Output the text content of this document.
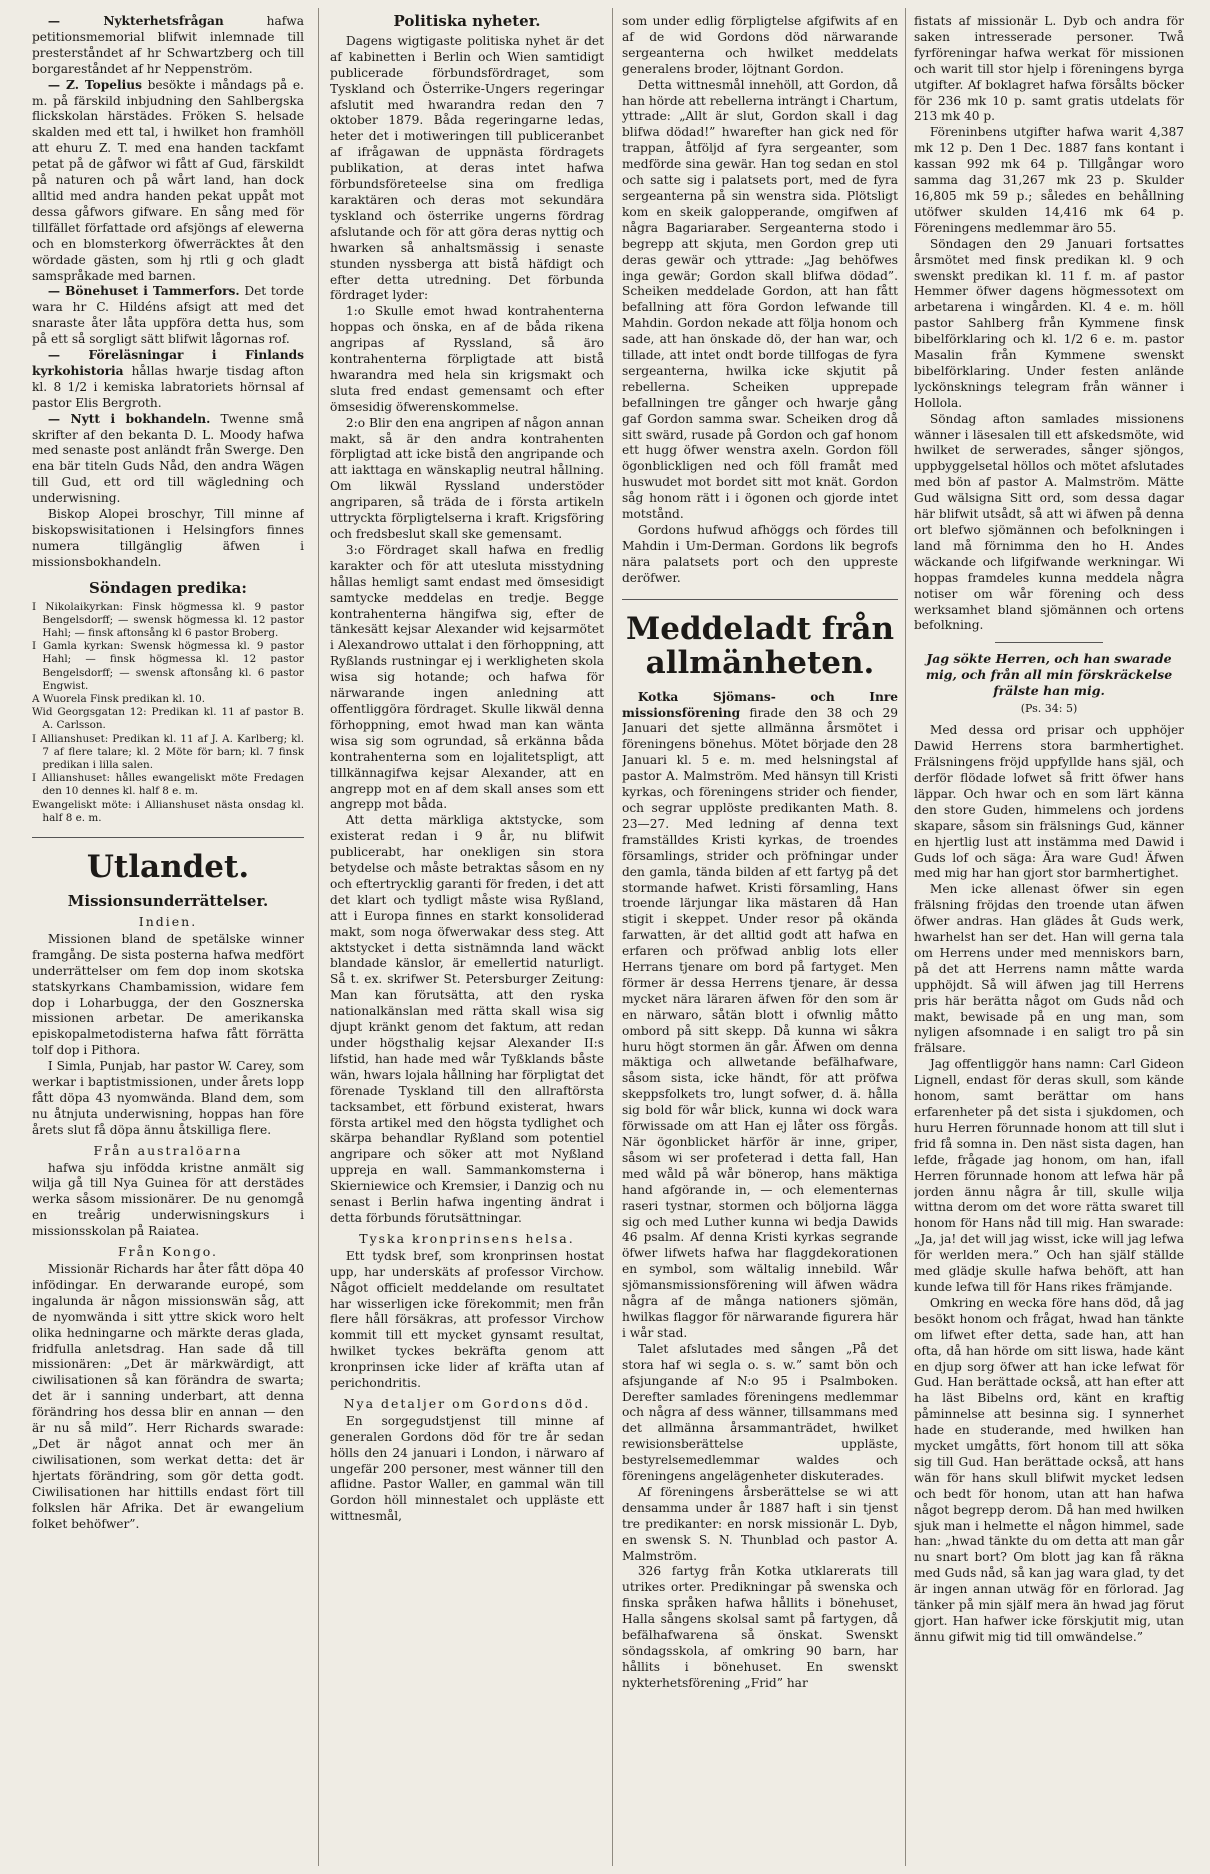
— Nykterhetsfrågan	hafwa petitionsmemorial blifwit inlemnade till presterståndet af hr Schwartzberg och till borgareståndet af hr Neppenström.

— Z. Topelius besökte i måndags på e. m. på färskild inbjudning den Sahlbergska flickskolan härstädes. Fröken S. helsade skalden med ett tal, i hwilket hon framhöll att ehuru Z. T. med ena handen tackfamt petat på de gåfwor wi fått af Gud, färskildt på naturen och på wårt land, han dock alltid med andra handen pekat uppåt mot dessa gåfwors gifware. En sång med för tillfället författade ord afsjöngs af elewerna och en blomsterkorg öfwerräcktes åt den wördade gästen, som hj rtli g och gladt samspråkade med barnen.

— Bönehuset i Tammerfors. Det torde wara hr C. Hildéns afsigt att med det snaraste åter låta uppföra detta hus, som på ett så sorgligt sätt blifwit lågornas rof.

— Föreläsningar i Finlands kyrkohistoria hållas hwarje tisdag afton kl. 8 1/2 i kemiska labratoriets hörnsal af pastor Elis Bergroth.

— Nytt i bokhandeln. Twenne små skrifter af den bekanta D. L. Moody hafwa med senaste post anländt från Swerge. Den ena bär titeln Guds Nåd, den andra Wägen till Gud, ett ord till wägledning och underwisning.

Biskop Alopei broschyr, Till minne af biskopswisitationen i Helsingfors finnes numera tillgänglig äfwen i missionsbokhandeln.

Söndagen predika:

I Nikolaikyrkan: Finsk högmessa kl. 9 pastor Bengelsdorff; — swensk högmessa kl. 12 pastor Hahl; — finsk aftonsång kl 6 pastor Broberg.

I Gamla kyrkan: Swensk högmessa kl. 9 pastor Hahl; — finsk högmessa kl. 12 pastor Bengelsdorff; — swensk aftonsång kl. 6 pastor Engwist.

A Wuorela Finsk predikan kl. 10.

Wid Georgsgatan 12: Predikan kl. 11 af pastor B. A. Carlsson.

I Allianshuset: Predikan kl. 11 af J. A. Karlberg; kl. 7 af flere talare; kl. 2 Möte för barn; kl. 7 finsk predikan i lilla salen.

I Allianshuset: hålles ewangeliskt möte Fredagen den 10 dennes kl. half 8 e. m.

Ewangeliskt möte: i Allianshuset nästa onsdag kl. half 8 e. m.

Utlandet.
Missionsunderrättelser.
Indien.

Missionen bland de spetälske winner framgång. De sista posterna hafwa medfört underrättelser om fem dop inom skotska statskyrkans Chambamission, widare fem dop i Loharbugga, der den Gosznerska missionen arbetar. De amerikanska episkopalmetodisterna hafwa fått förrätta tolf dop i Pithora.

I Simla, Punjab, har pastor W. Carey, som werkar i baptistmissionen, under årets lopp fått döpa 43 nyomwända. Bland dem, som nu åtnjuta underwisning, hoppas han före årets slut få döpa ännu åtskilliga flere.

Från australöarna

hafwa sju infödda kristne anmält sig wilja gå till Nya Guinea för att derstädes werka såsom missionärer. De nu genomgå en treårig underwisningskurs i missionsskolan på Raiatea.

Från Kongo.

Missionär Richards har åter fått döpa 40 infödingar. En derwarande europé, som ingalunda är någon missionswän såg, att de nyomwända i sitt yttre skick woro helt olika hedningarne och märkte deras glada, fridfulla anletsdrag. Han sade då till missionären: „Det är märkwärdigt, att ciwilisationen så kan förändra de swarta; det är i sanning underbart, att denna förändring hos dessa blir en annan — den är nu så mild”. Herr Richards swarade: „Det är något annat och mer än ciwilisationen, som werkat detta: det är hjertats förändring, som gör detta godt. Ciwilisationen har hittills endast fört till folkslen här Afrika. Det är ewangelium folket behöfwer”.

Politiska nyheter.

Dagens wigtigaste politiska nyhet är det af kabinetten i Berlin och Wien samtidigt publicerade förbundsfördraget, som Tyskland och Österrike-Ungers regeringar afslutit med hwarandra redan den 7 oktober 1879. Båda regeringarne ledas, heter det i motiweringen till publiceranbet af ifrågawan de uppnästa fördragets publikation, at deras intet hafwa förbundsföreteelse sina om fredliga karaktären och deras mot sekundära tyskland och österrike ungerns fördrag afslutande och för att göra deras nyttig och hwarken så anhaltsmässig i senaste stunden nyssberga att bistå häfdigt och efter detta utredning. Det förbunda fördraget lyder:

1:o Skulle emot hwad kontrahenterna hoppas och önska, en af de båda rikena angripas af Ryssland, så äro kontrahenterna förpligtade att bistå hwarandra med hela sin krigsmakt och sluta fred endast gemensamt och efter ömsesidig öfwerenskommelse.

2:o Blir den ena angripen af någon annan makt, så är den andra kontrahenten förpligtad att icke bistå den angripande och att iakttaga en wänskaplig neutral hållning. Om likwäl Ryssland understöder angriparen, så träda de i första artikeln uttryckta förpligtelserna i kraft. Krigsföring och fredsbeslut skall ske gemensamt.

3:o Fördraget skall hafwa en fredlig karakter och för att utesluta misstydning hållas hemligt samt endast med ömsesidigt samtycke meddelas en tredje. Begge kontrahenterna hängifwa sig, efter de tänkesätt kejsar Alexander wid kejsarmötet i Alexandrowo uttalat i den förhoppning, att Ryßlands rustningar ej i werkligheten skola wisa sig hotande; och hafwa för närwarande ingen anledning att offentliggöra fördraget. Skulle likwäl denna förhoppning, emot hwad man kan wänta wisa sig som ogrundad, så erkänna båda kontrahenterna som en lojalitetspligt, att tillkännagifwa kejsar Alexander, att en angrepp mot en af dem skall anses som ett angrepp mot båda.

Att detta märkliga aktstycke, som existerat redan i 9 år, nu blifwit publicerabt, har onekligen sin stora betydelse och måste betraktas såsom en ny och eftertrycklig garanti för freden, i det att det klart och tydligt måste wisa Ryßland, att i Europa finnes en starkt konsoliderad makt, som noga öfwerwakar dess steg. Att aktstycket i detta sistnämnda land wäckt blandade känslor, är emellertid naturligt. Så t. ex. skrifwer St. Petersburger Zeitung: Man kan förutsätta, att den ryska nationalkänslan med rätta skall wisa sig djupt kränkt genom det faktum, att redan under högsthalig kejsar Alexander II:s lifstid, han hade med wår Tyßklands båste wän, hwars lojala hållning har förpligtat det förenade Tyskland till den allraftörsta tacksambet, ett förbund existerat, hwars första artikel med den högsta tydlighet och skärpa behandlar Ryßland som potentiel angripare och söker att mot Nyßland uppreja en wall. Sammankomsterna i Skierniewice och Kremsier, i Danzig och nu senast i Berlin hafwa ingenting ändrat i detta förbunds förutsättningar.

Tyska kronprinsens helsa.

Ett tydsk bref, som kronprinsen hostat upp, har underskäts af professor Virchow. Något officielt meddelande om resultatet har wisserligen icke förekommit; men från flere håll försäkras, att professor Virchow kommit till ett mycket gynsamt resultat, hwilket tyckes bekräfta genom att kronprinsen icke lider af kräfta utan af perichondritis.

Nya detaljer om Gordons död.

En sorgegudstjenst till minne af generalen Gordons död för tre år sedan hölls den 24 januari i London, i närwaro af ungefär 200 personer, mest wänner till den aflidne. Pastor Waller, en gammal wän till Gordon höll minnestalet och uppläste ett wittnesmål,

som under edlig förpligtelse afgifwits af en af de wid Gordons död närwarande sergeanterna och hwilket meddelats generalens broder, löjtnant Gordon.

Detta wittnesmål innehöll, att Gordon, då han hörde att rebellerna inträngt i Chartum, yttrade: „Allt är slut, Gordon skall i dag blifwa dödad!” hwarefter han gick ned för trappan, åtföljd af fyra sergeanter, som medförde sina gewär. Han tog sedan en stol och satte sig i palatsets port, med de fyra sergeanterna på sin wenstra sida. Plötsligt kom en skeik galopperande, omgifwen af några Bagariaraber. Sergeanterna stodo i begrepp att skjuta, men Gordon grep uti deras gewär och yttrade: „Jag behöfwes inga gewär; Gordon skall blifwa dödad”. Scheiken meddelade Gordon, att han fått befallning att föra Gordon lefwande till Mahdin. Gordon nekade att följa honom och sade, att han önskade dö, der han war, och tillade, att intet ondt borde tillfogas de fyra sergeanterna, hwilka icke skjutit på rebellerna. Scheiken upprepade befallningen tre gånger och hwarje gång gaf Gordon samma swar. Scheiken drog då sitt swärd, rusade på Gordon och gaf honom ett hugg öfwer wenstra axeln. Gordon föll ögonblickligen ned och föll framåt med huswudet mot bordet sitt mot knät. Gordon såg honom rätt i i ögonen och gjorde intet motstånd.

Gordons hufwud afhöggs och fördes till Mahdin i Um-Derman. Gordons lik begrofs nära palatsets port och den uppreste deröfwer.

Meddeladt från allmänheten.

Kotka Sjömans- och Inre missionsförening firade den 38 och 29 Januari det sjette allmänna årsmötet i föreningens bönehus. Mötet började den 28 Januari kl. 5 e. m. med helsningstal af pastor A. Malmström. Med hänsyn till Kristi kyrkas, och föreningens strider och fiender, och segrar upplöste predikanten Math. 8. 23—27. Med ledning af denna text framställdes Kristi kyrkas, de troendes församlings, strider och pröfningar under den gamla, tända bilden af ett fartyg på det stormande hafwet. Kristi församling, Hans troende lärjungar lika mästaren då Han stigit i skeppet. Under resor på okända farwatten, är det alltid godt att hafwa en erfaren och pröfwad anblig lots eller Herrans tjenare om bord på fartyget. Men förmer är dessa Herrens tjenare, är dessa mycket nära läraren äfwen för den som är en närwaro, såtän blott i ofwnlig måtto ombord på sitt skepp. Då kunna wi såkra huru högt stormen än går. Äfwen om denna mäktiga och allwetande befälhafware, såsom sista, icke händt, för att pröfwa skeppsfolkets tro, lungt sofwer, d. ä. hålla sig bold för wår blick, kunna wi dock wara förwissade om att Han ej låter oss förgås. När ögonblicket härför är inne, griper, såsom wi ser profeterad i detta fall, Han med wåld på wår bönerop, hans mäktiga hand afgörande in, — och elementernas raseri tystnar, stormen och böljorna lägga sig och med Luther kunna wi bedja Dawids 46 psalm. Af denna Kristi kyrkas segrande öfwer lifwets hafwa har flaggdekorationen en symbol, som wältalig innebild. Wår sjömansmissionsförening will äfwen wädra några af de många nationers sjömän, hwilkas flaggor för närwarande figurera här i wår stad.

Talet afslutades med sången „På det stora haf wi segla o. s. w.” samt bön och afsjungande af N:o 95 i Psalmboken. Derefter samlades föreningens medlemmar och några af dess wänner, tillsammans med det allmänna årsammanträdet, hwilket rewisionsberättelse uppläste, bestyrelsemedlemmar waldes och föreningens angelägenheter diskuterades.

Af föreningens årsberättelse se wi att densamma under år 1887 haft i sin tjenst tre predikanter: en norsk missionär L. Dyb, en swensk S. N. Thunblad och pastor A. Malmström.

326 fartyg från Kotka utklarerats till utrikes orter. Predikningar på swenska och finska språken hafwa hållits i bönehuset, Halla sångens skolsal samt på fartygen, då befälhafwarena så önskat. Swenskt söndagsskola, af omkring 90 barn, har hållits i bönehuset. En swenskt nykterhetsförening „Frid” har

fistats af missionär L. Dyb och andra för saken intresserade personer. Twå fyrföreningar hafwa werkat för missionen och warit till stor hjelp i föreningens byrga utgifter. Af boklagret hafwa försålts böcker för 236 mk 10 p. samt gratis utdelats för 213 mk 40 p.

Föreninbens utgifter hafwa warit 4,387 mk 12 p. Den 1 Dec. 1887 fans kontant i kassan 992 mk 64 p. Tillgångar woro samma dag 31,267 mk 23 p. Skulder 16,805 mk 59 p.; således en behållning utöfwer skulden 14,416 mk 64 p. Föreningens medlemmar äro 55.

Söndagen den 29 Januari fortsattes årsmötet med finsk predikan kl. 9 och swenskt predikan kl. 11 f. m. af pastor Hemmer öfwer dagens högmessotext om arbetarena i wingården. Kl. 4 e. m. höll pastor Sahlberg från Kymmene finsk bibelförklaring och kl. 1/2 6 e. m. pastor Masalin från Kymmene swenskt bibelförklaring. Under festen anlände lyckönsknings telegram från wänner i Hollola.

Söndag afton samlades missionens wänner i läsesalen till ett afskedsmöte, wid hwilket de serwerades, sånger sjöngos, uppbyggelsetal höllos och mötet afslutades med bön af pastor A. Malmström. Mätte Gud wälsigna Sitt ord, som dessa dagar här blifwit utsådt, så att wi äfwen på denna ort blefwo sjömännen och befolkningen i land må förnimma den ho H. Andes wäckande och lifgifwande werkningar. Wi hoppas framdeles kunna meddela några notiser om wår förening och dess werksamhet bland sjömännen och ortens befolkning.

Jag sökte Herren, och han swarade mig, och från all min förskräckelse frälste han mig.
(Ps. 34: 5)

Med dessa ord prisar och upphöjer Dawid Herrens stora barmhertighet. Frälsningens fröjd uppfyllde hans själ, och derför flödade lofwet så fritt öfwer hans läppar. Och hwar och en som lärt känna den store Guden, himmelens och jordens skapare, såsom sin frälsnings Gud, känner en hjertlig lust att instämma med Dawid i Guds lof och säga: Ära ware Gud! Äfwen med mig har han gjort stor barmhertighet.

Men icke allenast öfwer sin egen frälsning fröjdas den troende utan äfwen öfwer andras. Han glädes åt Guds werk, hwarhelst han ser det. Han will gerna tala om Herrens under med menniskors barn, på det att Herrens namn måtte warda upphöjdt. Så will äfwen jag till Herrens pris här berätta något om Guds nåd och makt, bewisade på en ung man, som nyligen afsomnade i en saligt tro på sin frälsare.

Jag offentliggör hans namn: Carl Gideon Lignell, endast för deras skull, som kände honom, samt berättar om hans erfarenheter på det sista i sjukdomen, och huru Herren förunnade honom att till slut i frid få somna in. Den näst sista dagen, han lefde, frågade jag honom, om han, ifall Herren förunnade honom att lefwa här på jorden ännu några år till, skulle wilja wittna derom om det wore rätta swaret till honom för Hans nåd till mig. Han swarade: „Ja, ja! det will jag wisst, icke will jag lefwa för werlden mera.” Och han själf ställde med glädje skulle hafwa behöft, att han kunde lefwa till för Hans rikes främjande.

Omkring en wecka före hans död, då jag besökt honom och frågat, hwad han tänkte om lifwet efter detta, sade han, att han ofta, då han hörde om sitt liswa, hade känt en djup sorg öfwer att han icke lefwat för Gud. Han berättade också, att han efter att ha läst Bibelns ord, känt en kraftig påminnelse att besinna sig. I synnerhet hade en studerande, med hwilken han mycket umgåtts, fört honom till att söka sig till Gud. Han berättade också, att hans wän för hans skull blifwit mycket ledsen och bedt för honom, utan att han hafwa något begrepp derom. Då han med hwilken sjuk man i helmette el någon himmel, sade han: „hwad tänkte du om detta att man går nu snart bort? Om blott jag kan få räkna med Guds nåd, så kan jag wara glad, ty det är ingen annan utwäg för en förlorad. Jag tänker på min själf mera än hwad jag förut gjort. Han hafwer icke förskjutit mig, utan ännu gifwit mig tid till omwändelse.”
